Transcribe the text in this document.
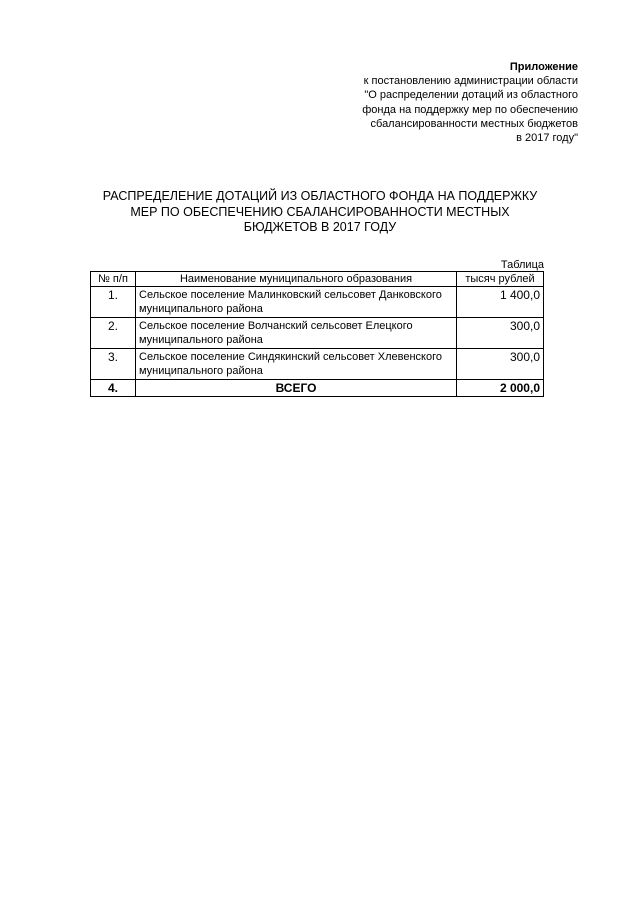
Приложение
к постановлению администрации области
"О распределении дотаций из областного
фонда на поддержку мер по обеспечению
сбалансированности местных бюджетов
в 2017 году"
РАСПРЕДЕЛЕНИЕ ДОТАЦИЙ ИЗ ОБЛАСТНОГО ФОНДА НА ПОДДЕРЖКУ
МЕР ПО ОБЕСПЕЧЕНИЮ СБАЛАНСИРОВАННОСТИ МЕСТНЫХ
БЮДЖЕТОВ В 2017 ГОДУ
Таблица
№ п/п	Наименование муниципального образования	тысяч рублей
1.	Сельское поселение Малинковский сельсовет Данковского муниципального района	1 400,0
2.	Сельское поселение Волчанский сельсовет Елецкого муниципального района	300,0
3.	Сельское поселение Синдякинский сельсовет Хлевенского муниципального района	300,0
4.	ВСЕГО	2 000,0
